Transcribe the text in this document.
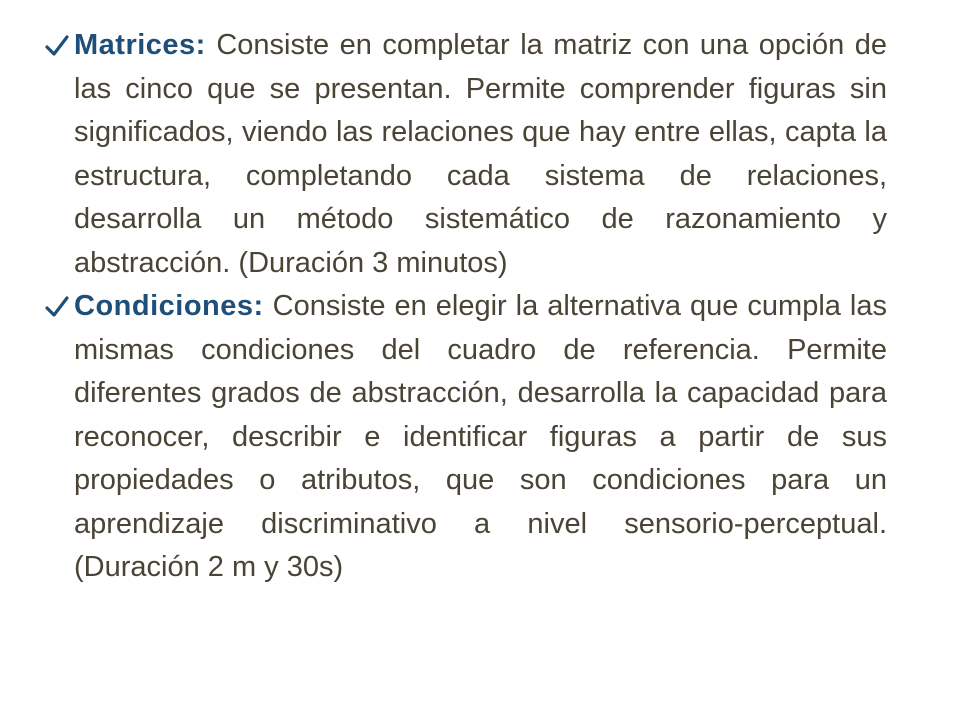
Matrices: Consiste en completar la matriz con una opción de las cinco que se presentan. Permite comprender figuras sin significados, viendo las relaciones que hay entre ellas, capta la estructura, completando cada sistema de relaciones, desarrolla un método sistemático de razonamiento y abstracción. (Duración 3 minutos)
Condiciones: Consiste en elegir la alternativa que cumpla las mismas condiciones del cuadro de referencia. Permite diferentes grados de abstracción, desarrolla la capacidad para reconocer, describir e identificar figuras a partir de sus propiedades o atributos, que son condiciones para un aprendizaje discriminativo a nivel sensorio-perceptual. (Duración 2 m y 30s)
